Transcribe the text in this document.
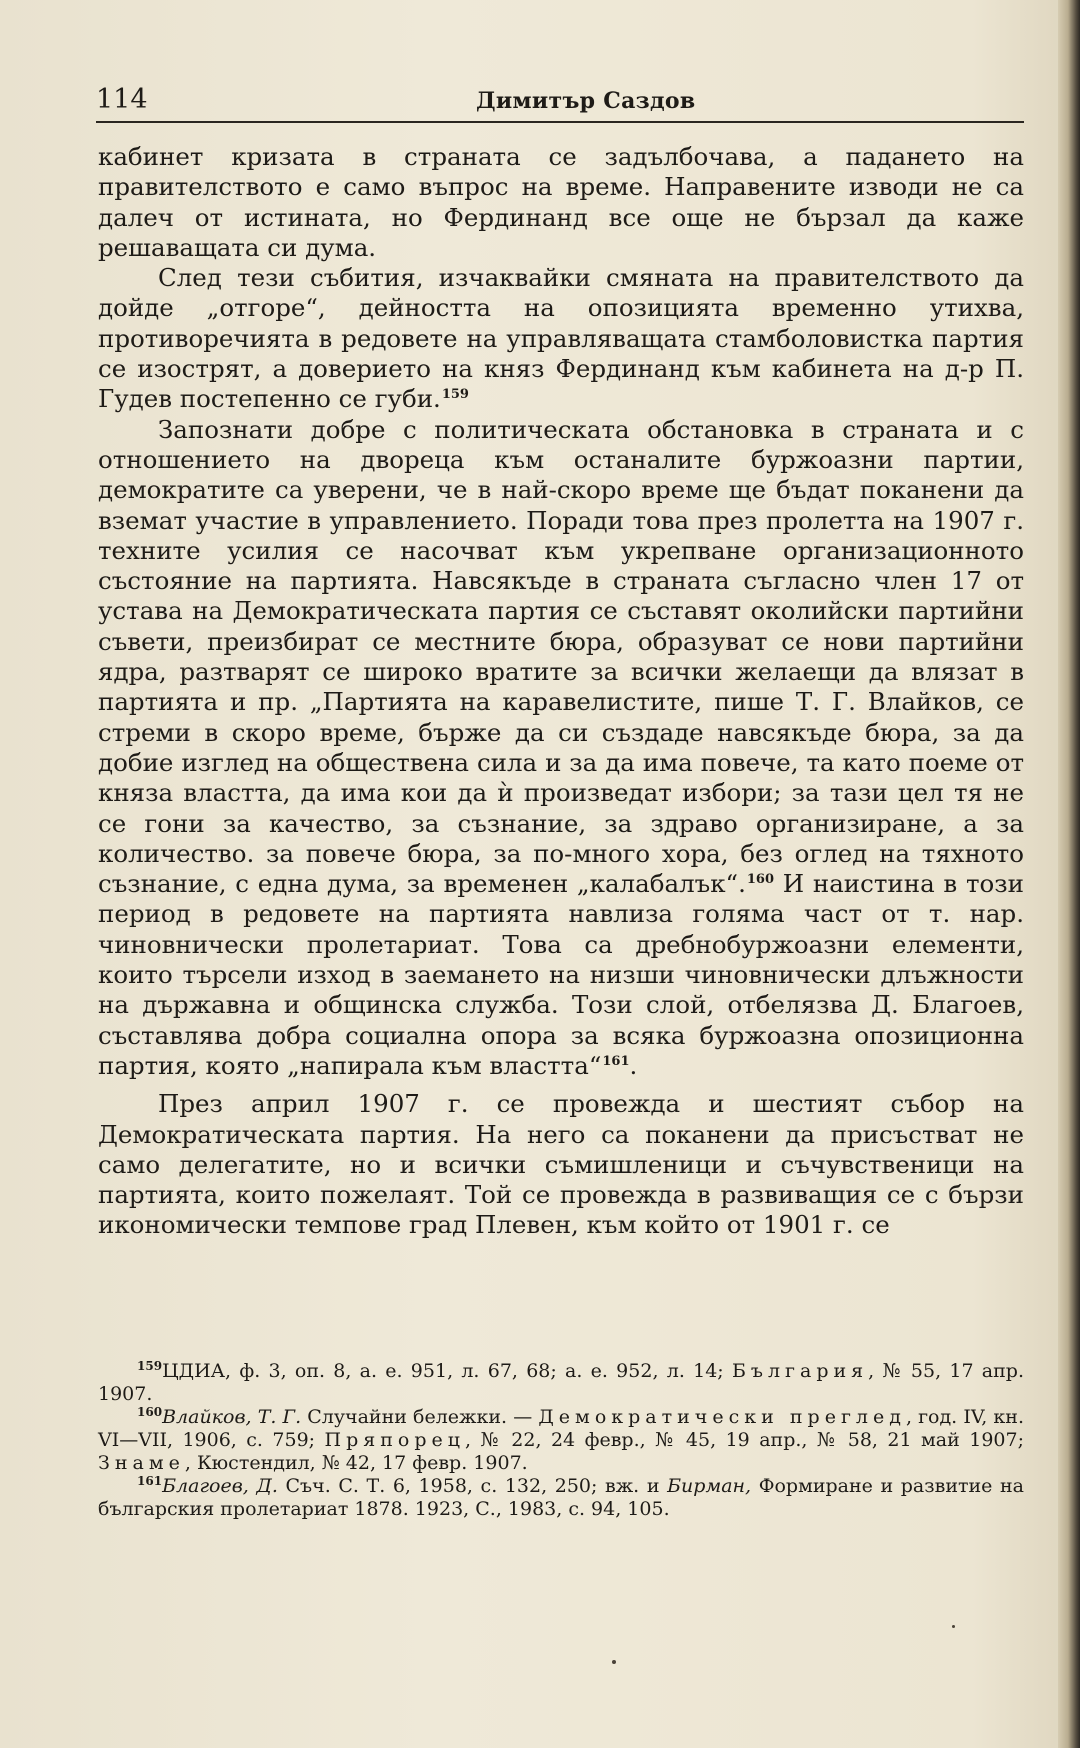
114	Димитър Саздов

кабинет кризата в страната се задълбочава, а падането на правителството е само въпрос на време. Направените изводи не са далеч от истината, но Фердинанд все още не бързал да каже решаващата си дума.

След тези събития, изчаквайки смяната на правителството да дойде „отгоре“, дейността на опозицията временно утихва, противоречията в редовете на управляващата стамболовистка партия се изострят, а доверието на княз Фердинанд към кабинета на д-р П. Гудев постепенно се губи.$^{159}$

Запознати добре с политическата обстановка в страната и с отношението на двореца към останалите буржоазни партии, демократите са уверени, че в най-скоро време ще бъдат поканени да вземат участие в управлението. Поради това през пролетта на 1907 г. техните усилия се насочват към укрепване организационното състояние на партията. Навсякъде в страната съгласно член 17 от устава на Демократическата партия се съставят околийски партийни съвети, преизбират се местните бюра, образуват се нови партийни ядра, разтварят се широко вратите за всички желаещи да влязат в партията и пр. „Партията на каравелистите, пише Т. Г. Влайков, се стреми в скоро време, бърже да си създаде навсякъде бюра, за да добие изглед на обществена сила и за да има повече, та като поеме от княза властта, да има кои да ѝ произведат избори; за тази цел тя не се гони за качество, за съзнание, за здраво организиране, а за количество. за повече бюра, за по-много хора, без оглед на тяхното съзнание, с една дума, за временен „калабалък“.$^{160}$ И наистина в този период в редовете на партията навлиза голяма част от т. нар. чиновнически пролетариат. Това са дребнобуржоазни елементи, които търсели изход в заемането на низши чиновнически длъжности на държавна и общинска служба. Този слой, отбелязва Д. Благоев, съставлява добра социална опора за всяка буржоазна опозиционна партия, която „напирала към властта“$^{161}$.

През април 1907 г. се провежда и шестият събор на Демократическата партия. На него са поканени да присъстват не само делегатите, но и всички съмишленици и съчувственици на партията, които пожелаят. Той се провежда в развиващия се с бързи икономически темпове град Плевен, към който от 1901 г. се

$^{159}$ЦДИА, ф. 3, оп. 8, а. е. 951, л. 67, 68; а. е. 952, л. 14; България, № 55, 17 апр. 1907.

$^{160}$Влайков, Т. Г. Случайни бележки. — Демократически преглед, год. IV, кн. VI—VII, 1906, с. 759; Пряпорец, № 22, 24 февр., № 45, 19 апр., № 58, 21 май 1907; Знаме, Кюстендил, № 42, 17 февр. 1907.

$^{161}$Благоев, Д. Съч. С. Т. 6, 1958, с. 132, 250; вж. и Бирман, Формиране и развитие на българския пролетариат 1878. 1923, С., 1983, с. 94, 105.
